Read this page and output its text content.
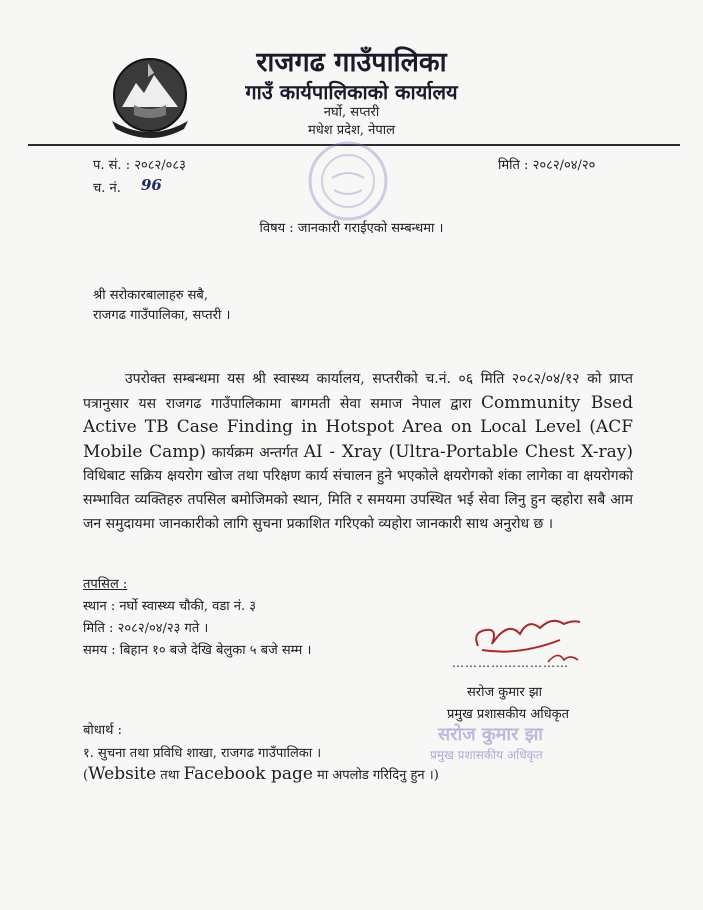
राजगढ गाउँपालिका
गाउँ कार्यपालिकाको कार्यालय
नर्घो, सप्तरी
मधेश प्रदेश, नेपाल
प. सं. : २०८२/०८३
च. नं. 96
मिति : २०८२/०४/२०
विषय : जानकारी गराईएको सम्बन्धमा ।
श्री सरोकारबालाहरु सबै,
राजगढ गाउँपालिका, सप्तरी ।
   उपरोक्त सम्बन्धमा यस श्री स्वास्थ्य कार्यालय, सप्तरीको च.नं. ०६ मिति २०८२/०४/१२ को प्राप्त पत्रानुसार यस राजगढ गाउँपालिकामा बागमती सेवा समाज नेपाल द्वारा Community Bsed Active TB Case Finding in Hotspot Area on Local Level (ACF Mobile Camp) कार्यक्रम अन्तर्गत AI - Xray (Ultra-Portable Chest X-ray) विधिबाट सक्रिय क्षयरोग खोज तथा परिक्षण कार्य संचालन हुने भएकोले क्षयरोगको शंका लागेका वा क्षयरोगको सम्भावित व्यक्तिहरु तपसिल बमोजिमको स्थान, मिति र समयमा उपस्थित भई सेवा लिनु हुन व्हहोरा सबै आम जन समुदायमा जानकारीको लागि सुचना प्रकाशित गरिएको व्यहोरा जानकारी साथ अनुरोध छ ।
तपसिल :
स्थान : नर्घो स्वास्थ्य चौकी, वडा नं. ३
मिति : २०८२/०४/२३ गते ।
समय : बिहान १० बजे देखि बेलुका ५ बजे सम्म ।
………………………
सरोज कुमार झा
प्रमुख प्रशासकीय अधिकृत
सरोज कुमार झा
प्रमुख प्रशासकीय अधिकृत
बोधार्थ :
१. सुचना तथा प्रविधि शाखा, राजगढ गाउँपालिका ।
(Website तथा Facebook page मा अपलोड गरिदिनु हुन ।)
